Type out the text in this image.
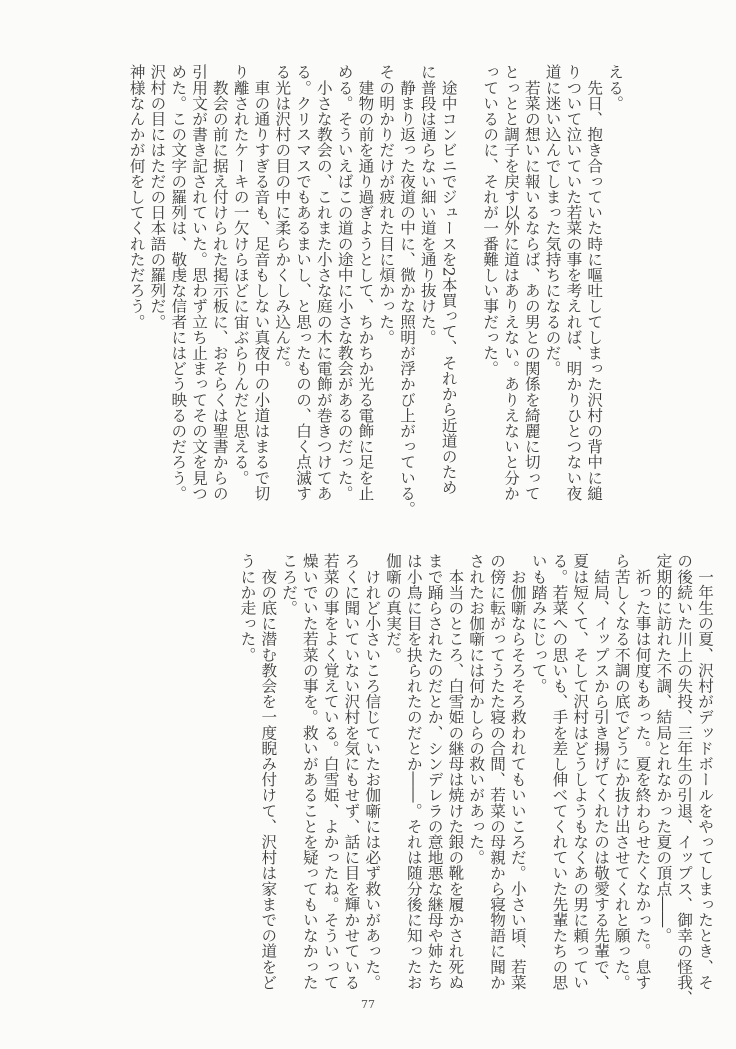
える。
　先日、抱き合っていた時に嘔吐してしまった沢村の背中に縋
りついて泣いていた若菜の事を考えれば、明かりひとつない夜
道に迷い込んでしまった気持ちになるのだ。
　若菜の想いに報いるならば、あの男との関係を綺麗に切って
とっとと調子を戻す以外に道はありえない。ありえないと分か
っているのに、それが一番難しい事だった。
　途中コンビニでジュースを2本買って、それから近道のため
に普段は通らない細い道を通り抜けた。
　静まり返った夜道の中に、微かな照明が浮かび上がっている。
その明かりだけが疲れた目に煩かった。
　建物の前を通り過ぎようとして、ちかちか光る電飾に足を止
める。そういえばこの道の途中に小さな教会があるのだった。
　小さな教会の、これまた小さな庭の木に電飾が巻きつけてあ
る。クリスマスでもあるまいし、と思ったものの、白く点滅す
る光は沢村の目の中に柔らかくしみ込んだ。
　車の通りすぎる音も、足音もしない真夜中の小道はまるで切
り離されたケーキの一欠けらほどに宙ぶらりんだと思える。
　教会の前に据え付けられた掲示板に、おそらくは聖書からの
引用文が書き記されていた。思わず立ち止まってその文を見つ
めた。この文字の羅列は、敬虔な信者にはどう映るのだろう。
沢村の目にはただの日本語の羅列だ。
神様なんかが何をしてくれただろう。
　一年生の夏、沢村がデッドボールをやってしまったとき、そ
の後続いた川上の失投、三年生の引退、イップス、御幸の怪我、
定期的に訪れた不調、結局とれなかった夏の頂点――。
　祈った事は何度もあった。夏を終わらせたくなかった。息す
ら苦しくなる不調の底でどうにか抜け出させてくれと願った。
　結局、イップスから引き揚げてくれたのは敬愛する先輩で、
夏は短くて、そして沢村はどうしようもなくあの男に頼ってい
る。若菜への思いも、手を差し伸べてくれていた先輩たちの思
いも踏みにじって。
　お伽噺ならそろそろ救われてもいいころだ。小さい頃、若菜
の傍に転がってうたた寝の合間、若菜の母親から寝物語に聞か
されたお伽噺には何かしらの救いがあった。
　本当のところ、白雪姫の継母は焼けた銀の靴を履かされ死ぬ
まで踊らされたのだとか、シンデレラの意地悪な継母や姉たち
は小鳥に目を抉られたのだとか――。それは随分後に知ったお
伽噺の真実だ。
　けれど小さいころ信じていたお伽噺には必ず救いがあった。
ろくに聞いていない沢村を気にもせず、話に目を輝かせている
若菜の事をよく覚えている。白雪姫、よかったね。そういって
燥いでいた若菜の事を。救いがあることを疑ってもいなかった
ころだ。
　夜の底に潜む教会を一度睨み付けて、沢村は家までの道をど
うにか走った。
77
